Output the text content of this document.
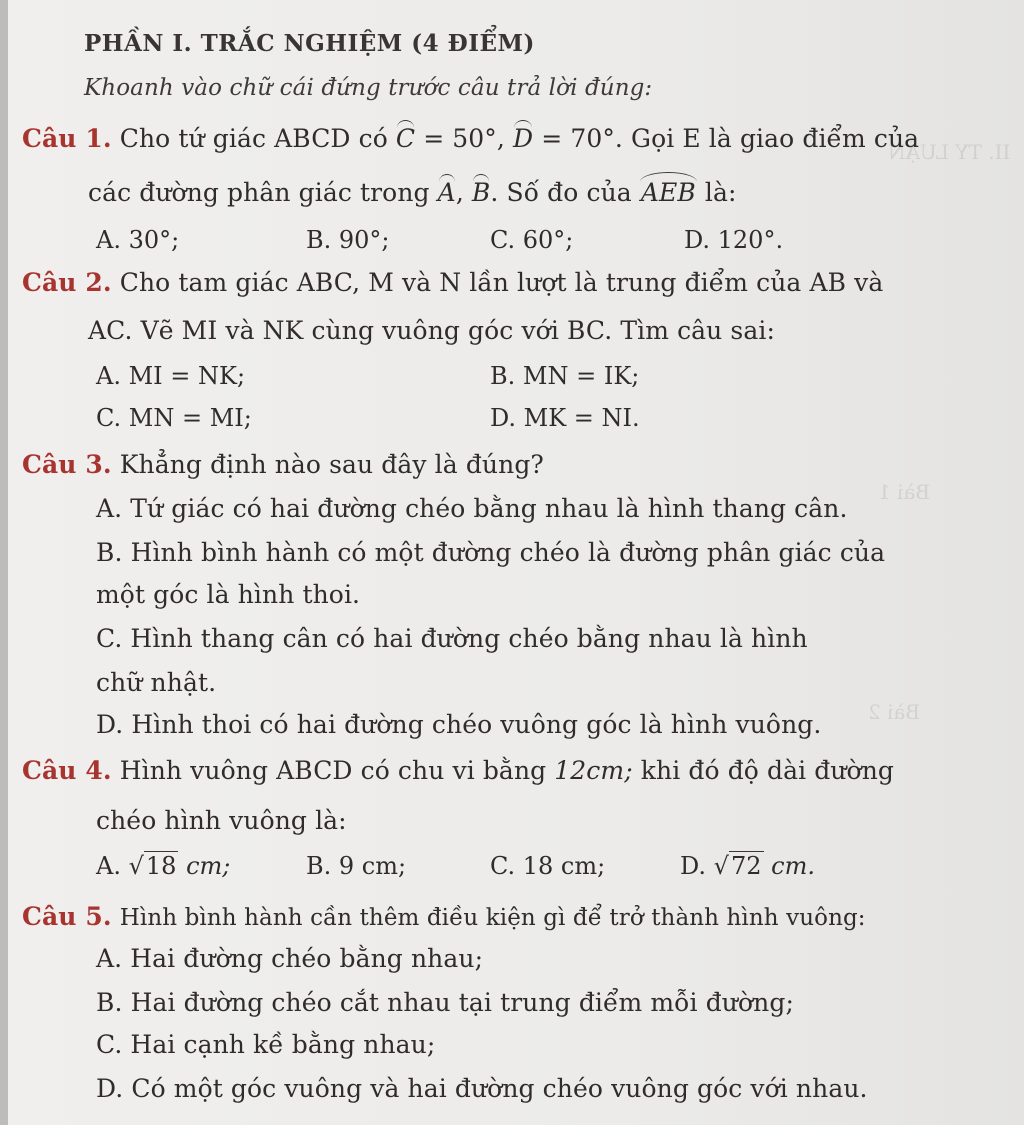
ΙΙ. ΤΥ LUẬN
Bài 1
Bài 2
PHẦN I. TRẮC NGHIỆM (4 ĐIỂM)
Khoanh vào chữ cái đứng trước câu trả lời đúng:
Câu 1. Cho tứ giác ABCD có C = 50°, D = 70°. Gọi E là giao điểm của
các đường phân giác trong A, B. Số đo của AEB là:
A. 30°;	B. 90°;	C. 60°;	D. 120°.
Câu 2. Cho tam giác ABC, M và N lần lượt là trung điểm của AB và
AC. Vẽ MI và NK cùng vuông góc với BC. Tìm câu sai:
A. MI = NK;	B. MN = IK;
C. MN = MI;	D. MK = NI.
Câu 3. Khẳng định nào sau đây là đúng?
A. Tứ giác có hai đường chéo bằng nhau là hình thang cân.
B. Hình bình hành có một đường chéo là đường phân giác của
một góc là hình thoi.
C. Hình thang cân có hai đường chéo bằng nhau là hình
chữ nhật.
D. Hình thoi có hai đường chéo vuông góc là hình vuông.
Câu 4. Hình vuông ABCD có chu vi bằng 12cm; khi đó độ dài đường
chéo hình vuông là:
A. √18 cm;	B. 9 cm;	C. 18 cm;	D. √72 cm.
Câu 5. Hình bình hành cần thêm điều kiện gì để trở thành hình vuông:
A. Hai đường chéo bằng nhau;
B. Hai đường chéo cắt nhau tại trung điểm mỗi đường;
C. Hai cạnh kề bằng nhau;
D. Có một góc vuông và hai đường chéo vuông góc với nhau.
